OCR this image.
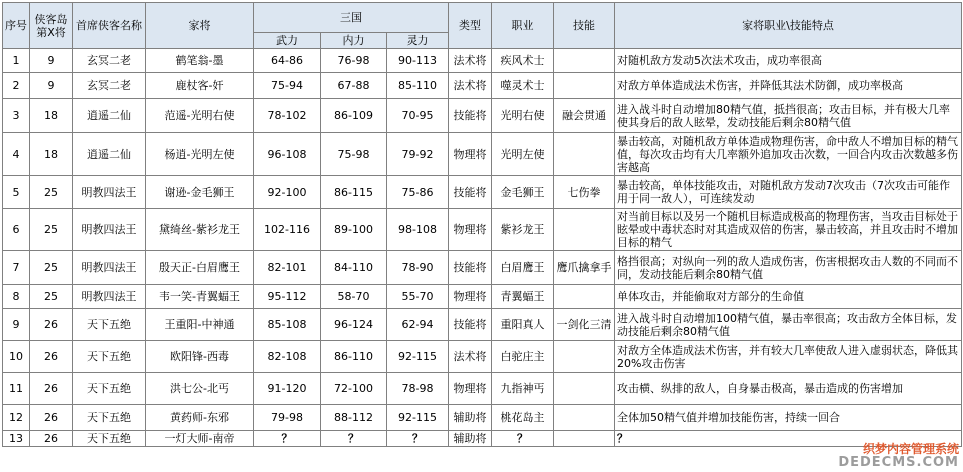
序号	侠客岛第X将	首席侠客名称	家将	三国			类型	职业	技能	家将职业\技能特点
				武力	内力	灵力				
1	9	玄冥二老	鹤笔翁-墨	64-86	76-98	90-113	法术将	疾风术士		对随机敌方发动5次法术攻击，成功率很高
2	9	玄冥二老	鹿杖客-奸	75-94	67-88	85-110	法术将	噬灵术士		对敌方单体造成法术伤害，并降低其法术防御，成功率极高
3	18	逍遥二仙	范遥-光明右使	78-102	86-109	70-95	技能将	光明右使	融会贯通	进入战斗时自动增加80精气值，抵挡很高；攻击目标，并有极大几率使其身后的敌人眩晕，发动技能后剩余80精气值
4	18	逍遥二仙	杨逍-光明左使	96-108	75-98	79-92	物理将	光明左使		暴击较高，对随机敌方单体造成物理伤害，命中敌人不增加目标的精气值，每次攻击均有大几率额外追加攻击次数，一回合内攻击次数越多伤害越高
5	25	明教四法王	谢逊-金毛狮王	92-100	86-115	75-86	技能将	金毛狮王	七伤拳	暴击较高，单体技能攻击，对随机敌方发动7次攻击（7次攻击可能作用于同一敌人），可连续发动
6	25	明教四法王	黛绮丝-紫衫龙王	102-116	89-100	98-108	物理将	紫衫龙王		对当前目标以及另一个随机目标造成极高的物理伤害，当攻击目标处于眩晕或中毒状态时对其造成双倍的伤害，暴击较高，并且攻击时不增加目标的精气
7	25	明教四法王	殷天正-白眉鹰王	82-101	84-110	78-90	技能将	白眉鹰王	鹰爪擒拿手	格挡很高；对纵向一列的敌人造成伤害，伤害根据攻击人数的不同而不同，发动技能后剩余80精气值
8	25	明教四法王	韦一笑-青翼蝠王	95-112	58-70	55-70	物理将	青翼蝠王		单体攻击，并能偷取对方部分的生命值
9	26	天下五绝	王重阳-中神通	85-108	96-124	62-94	技能将	重阳真人	一剑化三清	进入战斗时自动增加100精气值，暴击率很高；攻击敌方全体目标，发动技能后剩余80精气值
10	26	天下五绝	欧阳锋-西毒	82-108	86-110	92-115	法术将	白驼庄主		对敌方全体造成法术伤害，并有较大几率使敌人进入虚弱状态，降低其20%攻击伤害
11	26	天下五绝	洪七公-北丐	91-120	72-100	78-98	物理将	九指神丐		攻击横、纵排的敌人，自身暴击极高，暴击造成的伤害增加
12	26	天下五绝	黄药师-东邪	79-98	88-112	92-115	辅助将	桃花岛主		全体加50精气值并增加技能伤害，持续一回合
13	26	天下五绝	一灯大师-南帝	？	？	？	辅助将	？		？
织梦内容管理系统
DEDECMS.COM
